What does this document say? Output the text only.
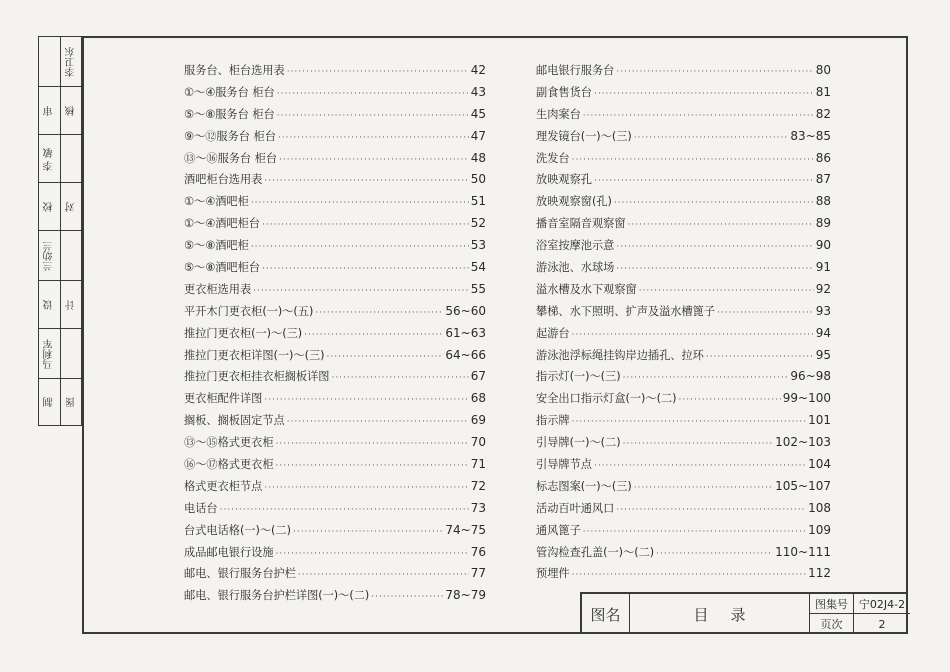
李卫东
审	核
李 敏
校	对
兰幼兰
设	计
马利军
制	图
服务台、柜台选用表 ·····	42
①～④服务台 柜台 ·····	43
⑤～⑧服务台 柜台 ·····	45
⑨～⑫服务台 柜台 ·····	47
⑬～⑯服务台 柜台 ·····	48
酒吧柜台选用表 ·····	50
①～④酒吧柜 ·····	51
①～④酒吧柜台 ·····	52
⑤～⑧酒吧柜 ·····	53
⑤～⑧酒吧柜台 ·····	54
更衣柜选用表 ·····	55
平开木门更衣柜(一)～(五) ·····	56~60
推拉门更衣柜(一)～(三) ·····	61~63
推拉门更衣柜详图(一)～(三) ·····	64~66
推拉门更衣柜挂衣柜搁板详图 ·····	67
更衣柜配件详图 ·····	68
搁板、搁板固定节点 ·····	69
⑬～⑮格式更衣柜 ·····	70
⑯～⑰格式更衣柜 ·····	71
格式更衣柜节点 ·····	72
电话台 ·····	73
台式电话格(一)～(二) ·····	74~75
成品邮电银行设施 ·····	76
邮电、银行服务台护栏 ·····	77
邮电、银行服务台护栏详图(一)～(二) ·····	78~79
邮电银行服务台 ·····	80
副食售货台 ·····	81
生肉案台 ·····	82
理发镜台(一)～(三) ·····	83~85
洗发台 ·····	86
放映观察孔 ·····	87
放映观察窗(孔) ·····	88
播音室隔音观察窗 ·····	89
浴室按摩池示意 ·····	90
游泳池、水球场 ·····	91
溢水槽及水下观察窗 ·····	92
攀梯、水下照明、扩声及溢水槽篦子 ·····	93
起游台 ·····	94
游泳池浮标绳挂钩岸边插孔、拉环 ·····	95
指示灯(一)～(三) ·····	96~98
安全出口指示灯盒(一)～(二) ·····	99~100
指示牌 ·····	101
引导牌(一)～(二) ·····	102~103
引导牌节点 ·····	104
标志图案(一)～(三) ·····	105~107
活动百叶通风口 ·····	108
通风篦子 ·····	109
管沟检查孔盖(一)～(二) ·····	110~111
预埋件 ·····	112
图名	目录
图集号 宁02J4-2
页次	2
